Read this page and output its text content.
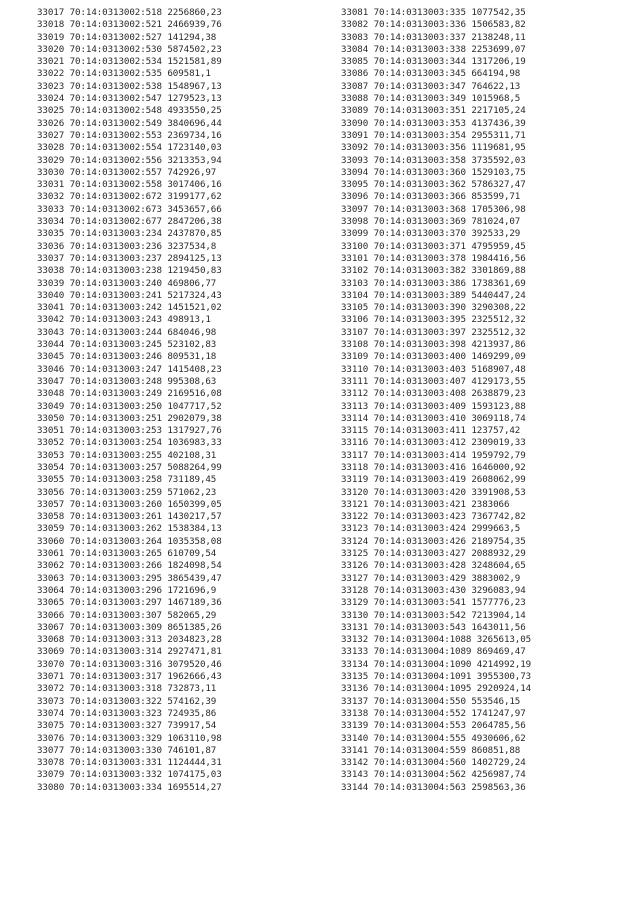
33017 70:14:0313002:518 2256860,23
33018 70:14:0313002:521 2466939,76
33019 70:14:0313002:527 141294,38
33020 70:14:0313002:530 5874502,23
33021 70:14:0313002:534 1521581,89
33022 70:14:0313002:535 609581,1
33023 70:14:0313002:538 1548967,13
33024 70:14:0313002:547 1279523,13
33025 70:14:0313002:548 4933550,25
33026 70:14:0313002:549 3840696,44
33027 70:14:0313002:553 2369734,16
33028 70:14:0313002:554 1723140,03
33029 70:14:0313002:556 3213353,94
33030 70:14:0313002:557 742926,97
33031 70:14:0313002:558 3017406,16
33032 70:14:0313002:672 3199177,62
33033 70:14:0313002:673 3453657,66
33034 70:14:0313002:677 2847206,38
33035 70:14:0313003:234 2437870,85
33036 70:14:0313003:236 3237534,8
33037 70:14:0313003:237 2894125,13
33038 70:14:0313003:238 1219450,83
33039 70:14:0313003:240 469806,77
33040 70:14:0313003:241 5217324,43
33041 70:14:0313003:242 1451521,02
33042 70:14:0313003:243 498913,1
33043 70:14:0313003:244 684046,98
33044 70:14:0313003:245 523102,83
33045 70:14:0313003:246 809531,18
33046 70:14:0313003:247 1415408,23
33047 70:14:0313003:248 995308,63
33048 70:14:0313003:249 2169516,08
33049 70:14:0313003:250 1047717,52
33050 70:14:0313003:251 2902079,38
33051 70:14:0313003:253 1317927,76
33052 70:14:0313003:254 1036983,33
33053 70:14:0313003:255 402108,31
33054 70:14:0313003:257 5088264,99
33055 70:14:0313003:258 731189,45
33056 70:14:0313003:259 571062,23
33057 70:14:0313003:260 1650399,05
33058 70:14:0313003:261 1430217,57
33059 70:14:0313003:262 1538384,13
33060 70:14:0313003:264 1035358,08
33061 70:14:0313003:265 610709,54
33062 70:14:0313003:266 1824098,54
33063 70:14:0313003:295 3865439,47
33064 70:14:0313003:296 1721696,9
33065 70:14:0313003:297 1467189,36
33066 70:14:0313003:307 582065,29
33067 70:14:0313003:309 8651385,26
33068 70:14:0313003:313 2034823,28
33069 70:14:0313003:314 2927471,81
33070 70:14:0313003:316 3079520,46
33071 70:14:0313003:317 1962666,43
33072 70:14:0313003:318 732873,11
33073 70:14:0313003:322 574162,39
33074 70:14:0313003:323 724935,86
33075 70:14:0313003:327 739917,54
33076 70:14:0313003:329 1063110,98
33077 70:14:0313003:330 746101,87
33078 70:14:0313003:331 1124444,31
33079 70:14:0313003:332 1074175,03
33080 70:14:0313003:334 1695514,27
33081 70:14:0313003:335 1077542,35
33082 70:14:0313003:336 1506583,82
33083 70:14:0313003:337 2138248,11
33084 70:14:0313003:338 2253699,07
33085 70:14:0313003:344 1317206,19
33086 70:14:0313003:345 664194,98
33087 70:14:0313003:347 764622,13
33088 70:14:0313003:349 1015968,5
33089 70:14:0313003:351 2217105,24
33090 70:14:0313003:353 4137436,39
33091 70:14:0313003:354 2955311,71
33092 70:14:0313003:356 1119681,95
33093 70:14:0313003:358 3735592,03
33094 70:14:0313003:360 1529103,75
33095 70:14:0313003:362 5786327,47
33096 70:14:0313003:366 853599,71
33097 70:14:0313003:368 1705306,98
33098 70:14:0313003:369 781024,07
33099 70:14:0313003:370 392533,29
33100 70:14:0313003:371 4795959,45
33101 70:14:0313003:378 1984416,56
33102 70:14:0313003:382 3301869,88
33103 70:14:0313003:386 1738361,69
33104 70:14:0313003:389 5440447,24
33105 70:14:0313003:390 3290308,22
33106 70:14:0313003:395 2325512,32
33107 70:14:0313003:397 2325512,32
33108 70:14:0313003:398 4213937,86
33109 70:14:0313003:400 1469299,09
33110 70:14:0313003:403 5168907,48
33111 70:14:0313003:407 4129173,55
33112 70:14:0313003:408 2638879,23
33113 70:14:0313003:409 1593123,88
33114 70:14:0313003:410 3069118,74
33115 70:14:0313003:411 123757,42
33116 70:14:0313003:412 2309019,33
33117 70:14:0313003:414 1959792,79
33118 70:14:0313003:416 1646000,92
33119 70:14:0313003:419 2608062,99
33120 70:14:0313003:420 3391908,53
33121 70:14:0313003:421 2383066
33122 70:14:0313003:423 7367742,82
33123 70:14:0313003:424 2999663,5
33124 70:14:0313003:426 2189754,35
33125 70:14:0313003:427 2088932,29
33126 70:14:0313003:428 3248604,65
33127 70:14:0313003:429 3883002,9
33128 70:14:0313003:430 3296083,94
33129 70:14:0313003:541 1577776,23
33130 70:14:0313003:542 7213904,14
33131 70:14:0313003:543 1643011,56
33132 70:14:0313004:1088 3265613,05
33133 70:14:0313004:1089 869469,47
33134 70:14:0313004:1090 4214992,19
33135 70:14:0313004:1091 3955300,73
33136 70:14:0313004:1095 2920924,14
33137 70:14:0313004:550 553546,15
33138 70:14:0313004:552 1741247,97
33139 70:14:0313004:553 2064785,56
33140 70:14:0313004:555 4930606,62
33141 70:14:0313004:559 860851,88
33142 70:14:0313004:560 1402729,24
33143 70:14:0313004:562 4256987,74
33144 70:14:0313004:563 2598563,36
